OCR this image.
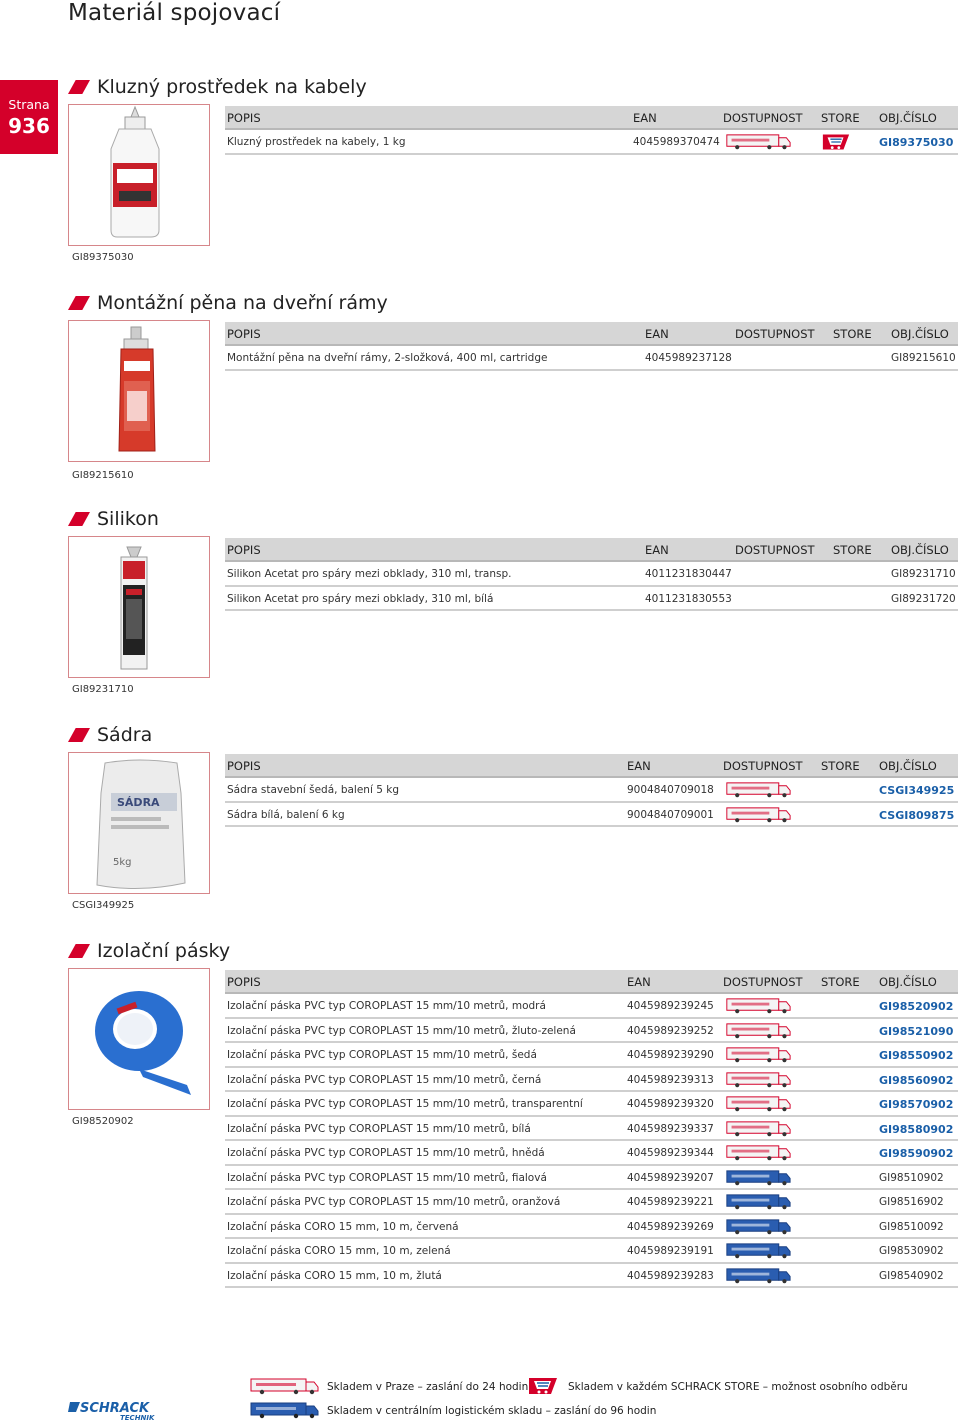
Materiál spojovací
Strana
936
Kluzný prostředek na kabely
GI89375030
POPIS	EAN	DOSTUPNOST STORE OBJ.ČÍSLO
Kluzný prostředek na kabely, 1 kg	4045989370474	GI89375030
Montážní pěna na dveřní rámy
GI89215610
POPIS	EAN	DOSTUPNOST STORE OBJ.ČÍSLO
Montážní pěna na dveřní rámy, 2-složková, 400 ml, cartridge	4045989237128	GI89215610
Silikon
GI89231710
POPIS	EAN	DOSTUPNOST STORE OBJ.ČÍSLO
Silikon Acetat pro spáry mezi obklady, 310 ml, transp.	4011231830447	GI89231710
Silikon Acetat pro spáry mezi obklady, 310 ml, bílá	4011231830553	GI89231720
Sádra
SÁDRA
5kg
CSGI349925
POPIS	EAN	DOSTUPNOST STORE OBJ.ČÍSLO
Sádra stavební šedá, balení 5 kg	9004840709018	CSGI349925
Sádra bílá, balení 6 kg	9004840709001	CSGI809875
Izolační pásky
GI98520902
POPIS	EAN	DOSTUPNOST STORE OBJ.ČÍSLO
Izolační páska PVC typ COROPLAST 15 mm/10 metrů, modrá	4045989239245	GI98520902
Izolační páska PVC typ COROPLAST 15 mm/10 metrů, žluto-zelená	4045989239252	GI98521090
Izolační páska PVC typ COROPLAST 15 mm/10 metrů, šedá	4045989239290	GI98550902
Izolační páska PVC typ COROPLAST 15 mm/10 metrů, černá	4045989239313	GI98560902
Izolační páska PVC typ COROPLAST 15 mm/10 metrů, transparentní	4045989239320	GI98570902
Izolační páska PVC typ COROPLAST 15 mm/10 metrů, bílá	4045989239337	GI98580902
Izolační páska PVC typ COROPLAST 15 mm/10 metrů, hnědá	4045989239344	GI98590902
Izolační páska PVC typ COROPLAST 15 mm/10 metrů, fialová	4045989239207	GI98510902
Izolační páska PVC typ COROPLAST 15 mm/10 metrů, oranžová	4045989239221	GI98516902
Izolační páska CORO 15 mm, 10 m, červená	4045989239269	GI98510092
Izolační páska CORO 15 mm, 10 m, zelená	4045989239191	GI98530902
Izolační páska CORO 15 mm, 10 m, žlutá	4045989239283	GI98540902
Skladem v Praze – zaslání do 24 hodin	Skladem v každém SCHRACK STORE – možnost osobního odběru
Skladem v centrálním logistickém skladu – zaslání do 96 hodin
SCHRACK
TECHNIK
